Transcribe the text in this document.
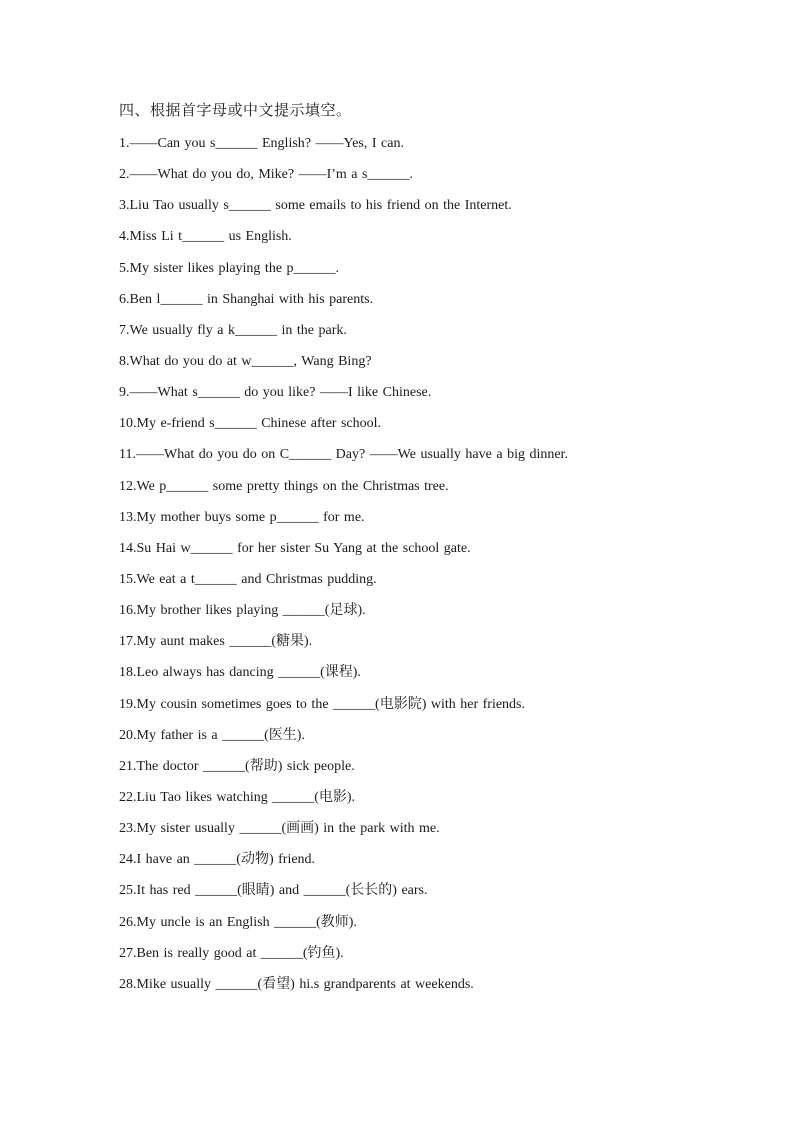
四、根据首字母或中文提示填空。
1.——Can you s______ English? ——Yes, I can.
2.——What do you do, Mike? ——I’m a s______.
3.Liu Tao usually s______ some emails to his friend on the Internet.
4.Miss Li t______ us English.
5.My sister likes playing the p______.
6.Ben l______ in Shanghai with his parents.
7.We usually fly a k______ in the park.
8.What do you do at w______, Wang Bing?
9.——What s______ do you like? ——I like Chinese.
10.My e-friend s______ Chinese after school.
11.——What do you do on C______ Day? ——We usually have a big dinner.
12.We p______ some pretty things on the Christmas tree.
13.My mother buys some p______ for me.
14.Su Hai w______ for her sister Su Yang at the school gate.
15.We eat a t______ and Christmas pudding.
16.My brother likes playing ______(足球).
17.My aunt makes ______(糖果).
18.Leo always has dancing ______(课程).
19.My cousin sometimes goes to the ______(电影院) with her friends.
20.My father is a ______(医生).
21.The doctor ______(帮助) sick people.
22.Liu Tao likes watching ______(电影).
23.My sister usually ______(画画) in the park with me.
24.I have an ______(动物) friend.
25.It has red ______(眼睛) and ______(长长的) ears.
26.My uncle is an English ______(教师).
27.Ben is really good at ______(钓鱼).
28.Mike usually ______(看望) hi.s grandparents at weekends.
